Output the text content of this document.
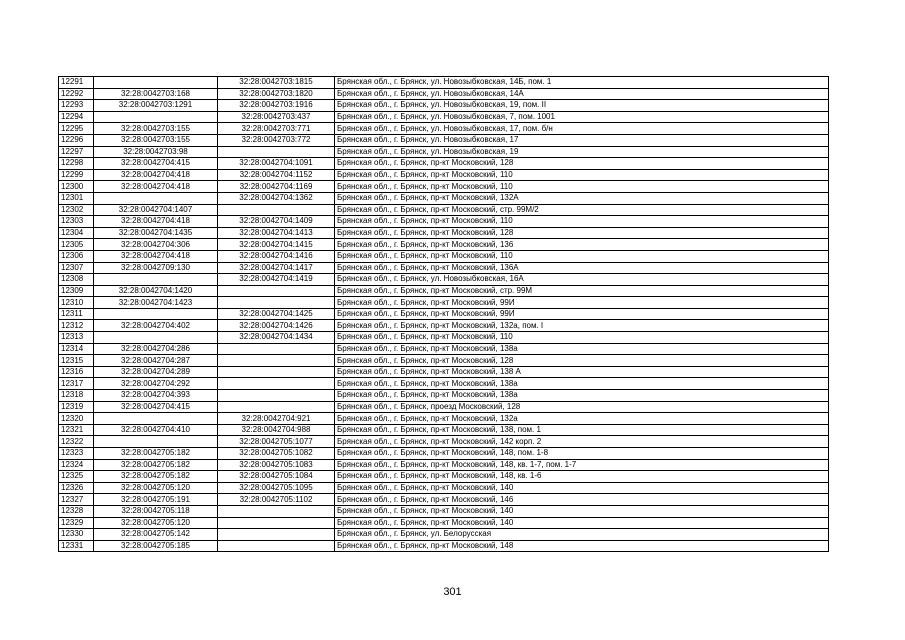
12291		32:28:0042703:1815	Брянская обл., г. Брянск, ул. Новозыбковская, 14Б, пом. 1
12292	32:28:0042703:168	32:28:0042703:1820	Брянская обл., г. Брянск, ул. Новозыбковская, 14А
12293	32:28:0042703:1291	32:28:0042703:1916	Брянская обл., г. Брянск, ул. Новозыбковская, 19, пом. II
12294		32:28:0042703:437	Брянская обл., г. Брянск, ул. Новозыбковская, 7, пом. 1001
12295	32:28:0042703:155	32:28:0042703:771	Брянская обл., г. Брянск, ул. Новозыбковская, 17, пом. б/н
12296	32:28:0042703:155	32:28:0042703:772	Брянская обл., г. Брянск, ул. Новозыбковская, 17
12297	32:28:0042703:98		Брянская обл., г. Брянск, ул. Новозыбковская, 19
12298	32:28:0042704:415	32:28:0042704:1091	Брянская обл., г. Брянск, пр-кт Московский, 128
12299	32:28:0042704:418	32:28:0042704:1152	Брянская обл., г. Брянск, пр-кт Московский, 110
12300	32:28:0042704:418	32:28:0042704:1169	Брянская обл., г. Брянск, пр-кт Московский, 110
12301		32:28:0042704:1362	Брянская обл., г. Брянск, пр-кт Московский, 132А
12302	32:28:0042704:1407		Брянская обл., г. Брянск, пр-кт Московский, стр. 99М/2
12303	32:28:0042704:418	32:28:0042704:1409	Брянская обл., г. Брянск, пр-кт Московский, 110
12304	32:28:0042704:1435	32:28:0042704:1413	Брянская обл., г. Брянск, пр-кт Московский, 128
12305	32:28:0042704:306	32:28:0042704:1415	Брянская обл., г. Брянск, пр-кт Московский, 136
12306	32:28:0042704:418	32:28:0042704:1416	Брянская обл., г. Брянск, пр-кт Московский, 110
12307	32:28:0042709:130	32:28:0042704:1417	Брянская обл., г. Брянск, пр-кт Московский, 136А
12308		32:28:0042704:1419	Брянская обл., г. Брянск, ул. Новозыбковская, 16А
12309	32:28:0042704:1420		Брянская обл., г. Брянск, пр-кт Московский, стр. 99М
12310	32:28:0042704:1423		Брянская обл., г. Брянск, пр-кт Московский, 99И
12311		32:28:0042704:1425	Брянская обл., г. Брянск, пр-кт Московский, 99И
12312	32:28:0042704:402	32:28:0042704:1426	Брянская обл., г. Брянск, пр-кт Московский, 132а, пом. I
12313		32:28:0042704:1434	Брянская обл., г. Брянск, пр-кт Московский, 110
12314	32:28:0042704:286		Брянская обл., г. Брянск, пр-кт Московский, 138а
12315	32:28:0042704:287		Брянская обл., г. Брянск, пр-кт Московский, 128
12316	32:28:0042704:289		Брянская обл., г. Брянск, пр-кт Московский, 138 А
12317	32:28:0042704:292		Брянская обл., г. Брянск, пр-кт Московский, 138а
12318	32:28:0042704:393		Брянская обл., г. Брянск, пр-кт Московский, 138а
12319	32:28:0042704:415		Брянская обл., г. Брянск, проезд Московский, 128
12320		32:28:0042704:921	Брянская обл., г. Брянск, пр-кт Московский, 132а
12321	32:28:0042704:410	32:28:0042704:988	Брянская обл., г. Брянск, пр-кт Московский, 138, пом. 1
12322		32:28:0042705:1077	Брянская обл., г. Брянск, пр-кт Московский, 142 корп. 2
12323	32:28:0042705:182	32:28:0042705:1082	Брянская обл., г. Брянск, пр-кт Московский, 148, пом. 1-8
12324	32:28:0042705:182	32:28:0042705:1083	Брянская обл., г. Брянск, пр-кт Московский, 148, кв. 1-7, пом. 1-7
12325	32:28:0042705:182	32:28:0042705:1084	Брянская обл., г. Брянск, пр-кт Московский, 148, кв. 1-6
12326	32:28:0042705:120	32:28:0042705:1095	Брянская обл., г. Брянск, пр-кт Московский, 140
12327	32:28:0042705:191	32:28:0042705:1102	Брянская обл., г. Брянск, пр-кт Московский, 146
12328	32:28:0042705:118		Брянская обл., г. Брянск, пр-кт Московский, 140
12329	32:28:0042705:120		Брянская обл., г. Брянск, пр-кт Московский, 140
12330	32:28:0042705:142		Брянская обл., г. Брянск, ул. Белорусская
12331	32:28:0042705:185		Брянская обл., г. Брянск, пр-кт Московский, 148
301
